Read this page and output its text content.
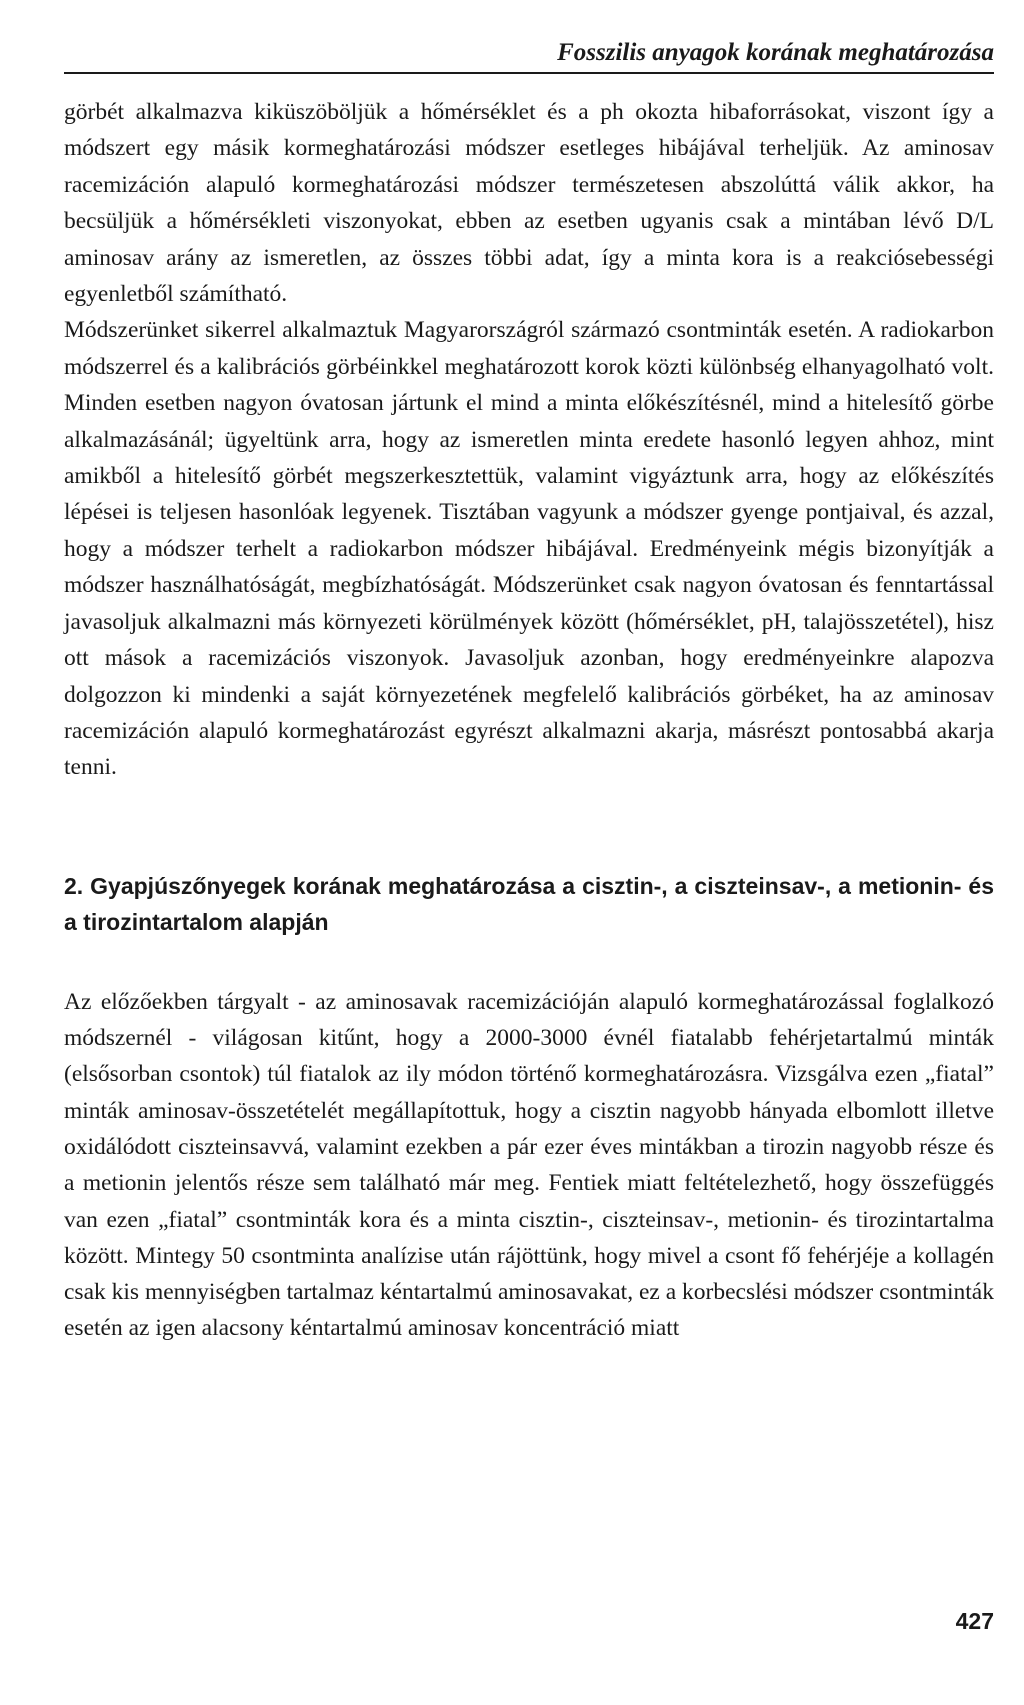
Fosszilis anyagok korának meghatározása

görbét alkalmazva kiküszöböljük a hőmérséklet és a ph okozta hibaforrásokat, viszont így a módszert egy másik kormeghatározási módszer esetleges hibájával terheljük. Az aminosav racemizáción alapuló kormeghatározási módszer természetesen abszolúttá válik akkor, ha becsüljük a hőmérsékleti viszonyokat, ebben az esetben ugyanis csak a mintában lévő D/L aminosav arány az ismeretlen, az összes többi adat, így a minta kora is a reakciósebességi egyenletből számítható.

Módszerünket sikerrel alkalmaztuk Magyarországról származó csontminták esetén. A radiokarbon módszerrel és a kalibrációs görbéinkkel meghatározott korok közti különbség elhanyagolható volt. Minden esetben nagyon óvatosan jártunk el mind a minta előkészítésnél, mind a hitelesítő görbe alkalmazásánál; ügyeltünk arra, hogy az ismeretlen minta eredete hasonló legyen ahhoz, mint amikből a hitelesítő görbét megszerkesztettük, valamint vigyáztunk arra, hogy az előkészítés lépései is teljesen hasonlóak legyenek. Tisztában vagyunk a módszer gyenge pontjaival, és azzal, hogy a módszer terhelt a radiokarbon módszer hibájával. Eredményeink mégis bizonyítják a módszer használhatóságát, megbízhatóságát. Módszerünket csak nagyon óvatosan és fenntartással javasoljuk alkalmazni más környezeti körülmények között (hőmérséklet, pH, talajösszetétel), hisz ott mások a racemizációs viszonyok. Javasoljuk azonban, hogy eredményeinkre alapozva dolgozzon ki mindenki a saját környezetének megfelelő kalibrációs görbéket, ha az aminosav racemizáción alapuló kormeghatározást egyrészt alkalmazni akarja, másrészt pontosabbá akarja tenni.

2. Gyapjúszőnyegek korának meghatározása a cisztin-, a ciszteinsav-, a metionin- és a tirozintartalom alapján

Az előzőekben tárgyalt - az aminosavak racemizációján alapuló kormeghatározással foglalkozó módszernél - világosan kitűnt, hogy a 2000-3000 évnél fiatalabb fehérjetartalmú minták (elsősorban csontok) túl fiatalok az ily módon történő kormeghatározásra. Vizsgálva ezen „fiatal” minták aminosav-összetételét megállapítottuk, hogy a cisztin nagyobb hányada elbomlott illetve oxidálódott ciszteinsavvá, valamint ezekben a pár ezer éves mintákban a tirozin nagyobb része és a metionin jelentős része sem található már meg. Fentiek miatt feltételezhető, hogy összefüggés van ezen „fiatal” csontminták kora és a minta cisztin-, ciszteinsav-, metionin- és tirozintartalma között. Mintegy 50 csontminta analízise után rájöttünk, hogy mivel a csont fő fehérjéje a kollagén csak kis mennyiségben tartalmaz kéntartalmú aminosavakat, ez a korbecslési módszer csontminták esetén az igen alacsony kéntartalmú aminosav koncentráció miatt

427
